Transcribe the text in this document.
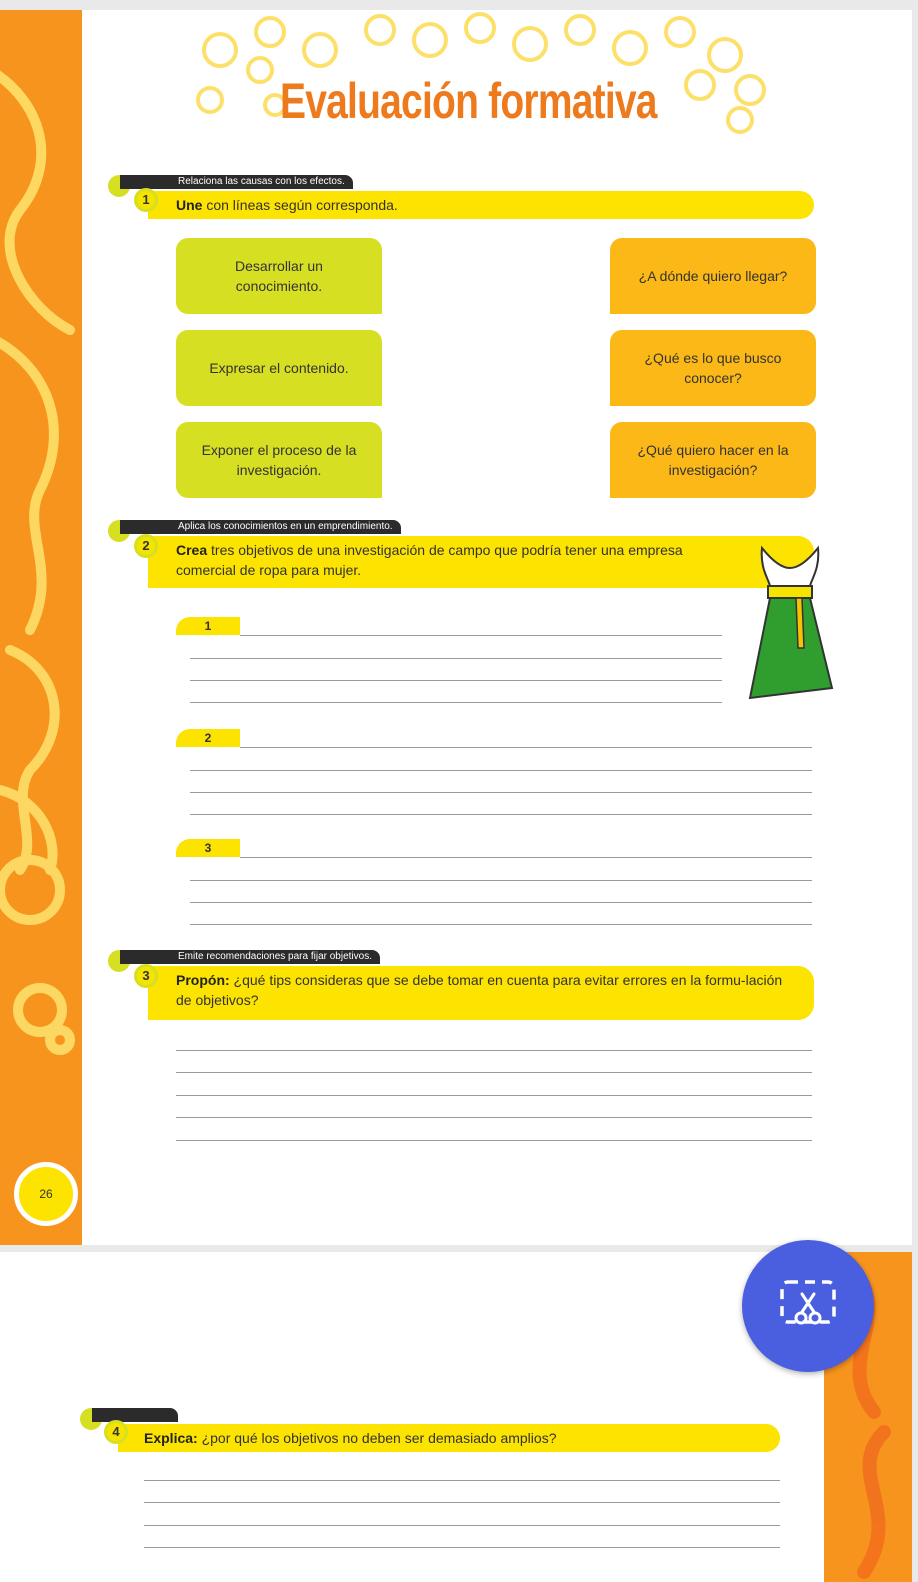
Evaluación formativa
Relaciona las causas con los efectos.
Une con líneas según corresponda.
1
Desarrollar un conocimiento.
Expresar el contenido.
Exponer el proceso de la investigación.
¿A dónde quiero llegar?
¿Qué es lo que busco conocer?
¿Qué quiero hacer en la investigación?
Aplica los conocimientos en un emprendimiento.
Crea tres objetivos de una investigación de campo que podría tener una empresa comercial de ropa para mujer.
2
1
2
3
Emite recomendaciones para fijar objetivos.
Propón: ¿qué tips consideras que se debe tomar en cuenta para evitar errores en la formu-lación de objetivos?
3
26
Explica: ¿por qué los objetivos no deben ser demasiado amplios?
4
